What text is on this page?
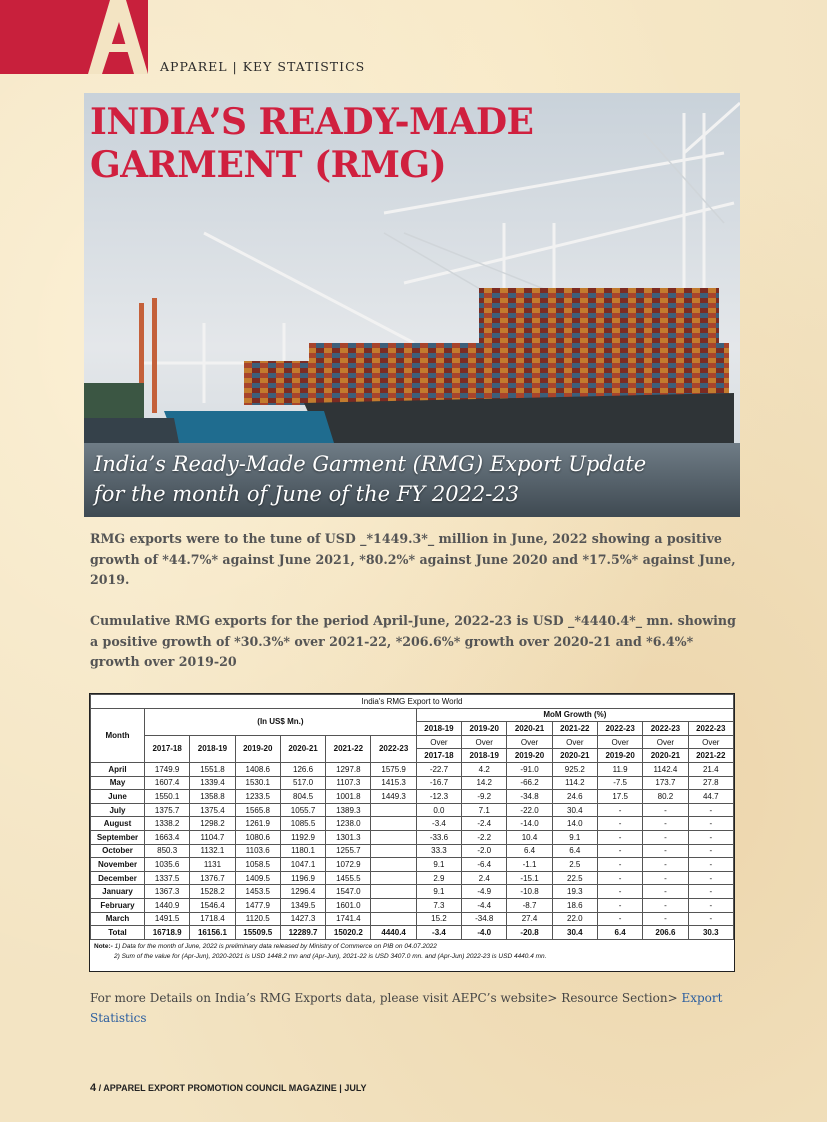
APPAREL | KEY STATISTICS
INDIA’S READY-MADE
GARMENT (RMG)
India’s Ready-Made Garment (RMG) Export Update
for the month of June of the FY 2022-23
RMG exports were to the tune of USD _*1449.3*_ million in June, 2022 showing a positive growth of *44.7%* against June 2021, *80.2%* against June 2020 and *17.5%* against June, 2019.
Cumulative RMG exports for the period April-June, 2022-23 is USD _*4440.4*_ mn. showing a positive growth of *30.3%* over 2021-22, *206.6%* growth over 2020-21 and *6.4%* growth over 2019-20
India's RMG Export to World													
Month	(In US$ Mn.)						MoM Growth (%)						
							2018-19	2019-20	2020-21	2021-22	2022-23	2022-23	2022-23
	2017-18	2018-19	2019-20	2020-21	2021-22	2022-23	Over	Over	Over	Over	Over	Over	Over
							2017-18	2018-19	2019-20	2020-21	2019-20	2020-21	2021-22
April	1749.9	1551.8	1408.6	126.6	1297.8	1575.9	-22.7	4.2	-91.0	925.2	11.9	1142.4	21.4
May	1607.4	1339.4	1530.1	517.0	1107.3	1415.3	-16.7	14.2	-66.2	114.2	-7.5	173.7	27.8
June	1550.1	1358.8	1233.5	804.5	1001.8	1449.3	-12.3	-9.2	-34.8	24.6	17.5	80.2	44.7
July	1375.7	1375.4	1565.8	1055.7	1389.3		0.0	7.1	-22.0	30.4	-	-	-
August	1338.2	1298.2	1261.9	1085.5	1238.0		-3.4	-2.4	-14.0	14.0	-	-	-
September	1663.4	1104.7	1080.6	1192.9	1301.3		-33.6	-2.2	10.4	9.1	-	-	-
October	850.3	1132.1	1103.6	1180.1	1255.7		33.3	-2.0	6.4	6.4	-	-	-
November	1035.6	1131	1058.5	1047.1	1072.9		9.1	-6.4	-1.1	2.5	-	-	-
December	1337.5	1376.7	1409.5	1196.9	1455.5		2.9	2.4	-15.1	22.5	-	-	-
January	1367.3	1528.2	1453.5	1296.4	1547.0		9.1	-4.9	-10.8	19.3	-	-	-
February	1440.9	1546.4	1477.9	1349.5	1601.0		7.3	-4.4	-8.7	18.6	-	-	-
March	1491.5	1718.4	1120.5	1427.3	1741.4		15.2	-34.8	27.4	22.0	-	-	-
Total	16718.9	16156.1	15509.5	12289.7	15020.2	4440.4	-3.4	-4.0	-20.8	30.4	6.4	206.6	30.3
Note:- 1) Data for the month of June, 2022 is preliminary data released by Ministry of Commerce on PIB on 04.07.2022
2) Sum of the value for (Apr-Jun), 2020-2021 is USD 1448.2 mn and (Apr-Jun), 2021-22 is USD 3407.0 mn. and (Apr-Jun) 2022-23 is USD 4440.4 mn.
For more Details on India’s RMG Exports data, please visit AEPC’s website> Resource Section> Export Statistics
4 / APPAREL EXPORT PROMOTION COUNCIL MAGAZINE | JULY
